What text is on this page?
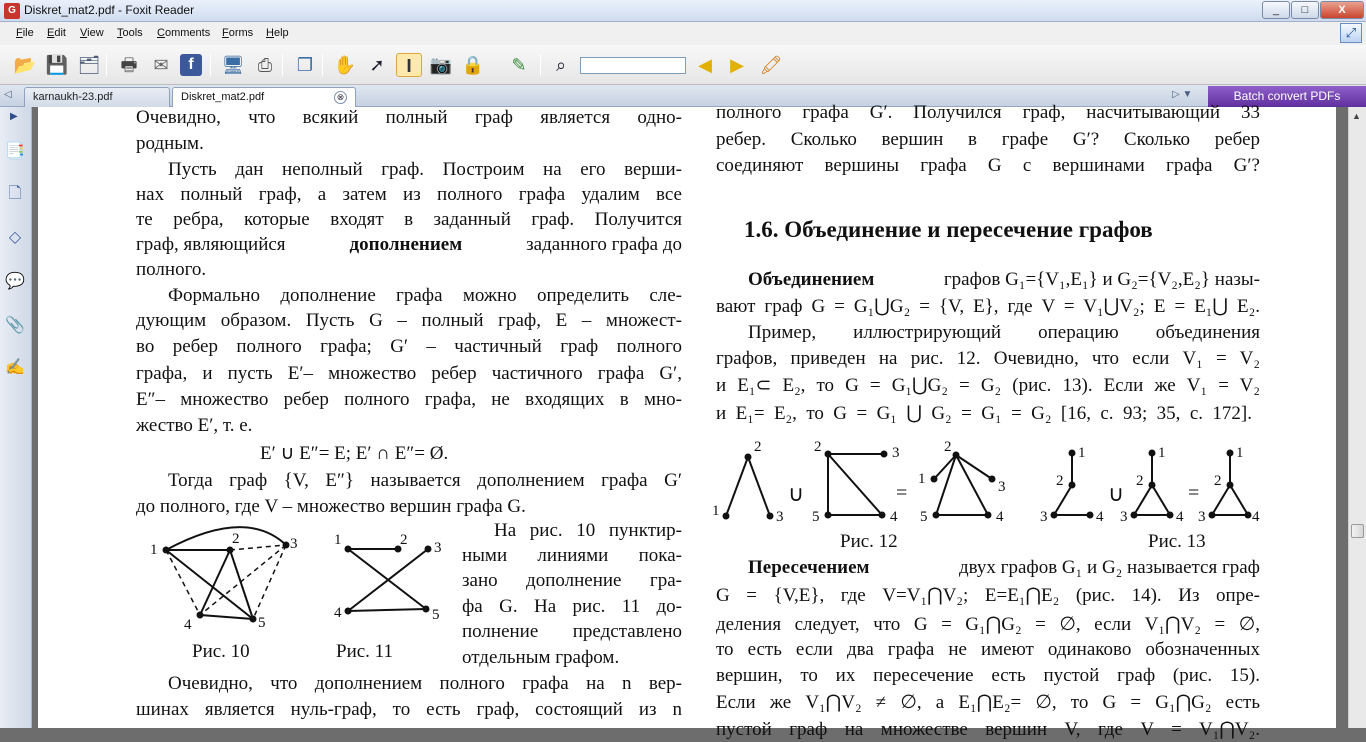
G Diskret_mat2.pdf - Foxit Reader	_	□	X
File Edit View Tools Comments Forms Help	⤢
📂 💾 🗂 🖶 ✉	f	🖥 ⎙	❐ ✋ ➚	𝐈 📷 🔒	✎	⌕	◀	▶ 🖍
◁	karnaukh-23.pdf	Diskret_mat2.pdf	⊗	▷ ▼	Batch convert PDFs
▶
📑
🗋
◇
💬
📎
✍
Очевидно, что всякий полный граф является одно-
родным.
Пусть дан неполный граф. Построим на его верши-
нах полный граф, а затем из полного графа удалим все
те ребра, которые входят в заданный граф. Получится
граф, являющийся	дополнением	заданного графа до
полного.
Формально дополнение графа можно определить сле-
дующим образом. Пусть G – полный граф, E – множест-
во ребер полного графа; G′ – частичный граф полного
графа, и пусть E′– множество ребер частичного графа G′,
E″– множество ребер полного графа, не входящих в мно-
жество E′, т. е.
E′ ∪ E″= E; E′ ∩ E″= Ø.
Тогда граф {V, E″} называется дополнением графа G′
до полного, где V – множество вершин графа G.
На рис. 10 пунктир-
ными линиями пока-
зано дополнение гра-
фа G. На рис. 11 до-
полнение представлено
отдельным графом.
Очевидно, что дополнением полного графа на n вер-
шинах является нуль-граф, то есть граф, состоящий из n
1
2	3
4	5
Рис. 10
1	2 3
4	5
Рис. 11
полного графа G′. Получился граф, насчитывающий 33
ребер. Сколько вершин в графе G′? Сколько ребер
соединяют вершины графа G с вершинами графа G′?
1.6. Объединение и пересечение графов
Объединением	графов G₁={V₁,E₁} и G₂={V₂,E₂} назы-
вают граф G = G₁⋃G₂ = {V, E}, где V = V₁⋃V₂; E = E₁⋃ E₂.
Пример, иллюстрирующий операцию объединения
графов, приведен на рис. 12. Очевидно, что если V₁ = V₂
и E₁⊂ E₂, то G = G₁⋃G₂ = G₂ (рис. 13). Если же V₁ = V₂
и E₁= E₂, то G = G₁ ⋃ G₂ = G₁ = G₂ [16, с. 93; 35, с. 172].
2
1	3
∪
2	3
4
5
=
2
1	3
5	4
Рис. 12
1
2
3	4
∪
1
2
3	4
=
1
2
3	4
Рис. 13
Пересечением	двух графов G₁ и G₂ называется граф
G = {V,E}, где V=V₁⋂V₂; E=E₁⋂E₂ (рис. 14). Из опре-
деления следует, что G = G₁⋂G₂ = ∅, если V₁⋂V₂ = ∅,
то есть если два графа не имеют одинаково обозначенных
вершин, то их пересечение есть пустой граф (рис. 15).
Если же V₁⋂V₂ ≠ ∅, а E₁⋂E₂= ∅, то G = G₁⋂G₂ есть
пустой граф на множестве вершин V, где V = V₁⋂V₂.
▲
